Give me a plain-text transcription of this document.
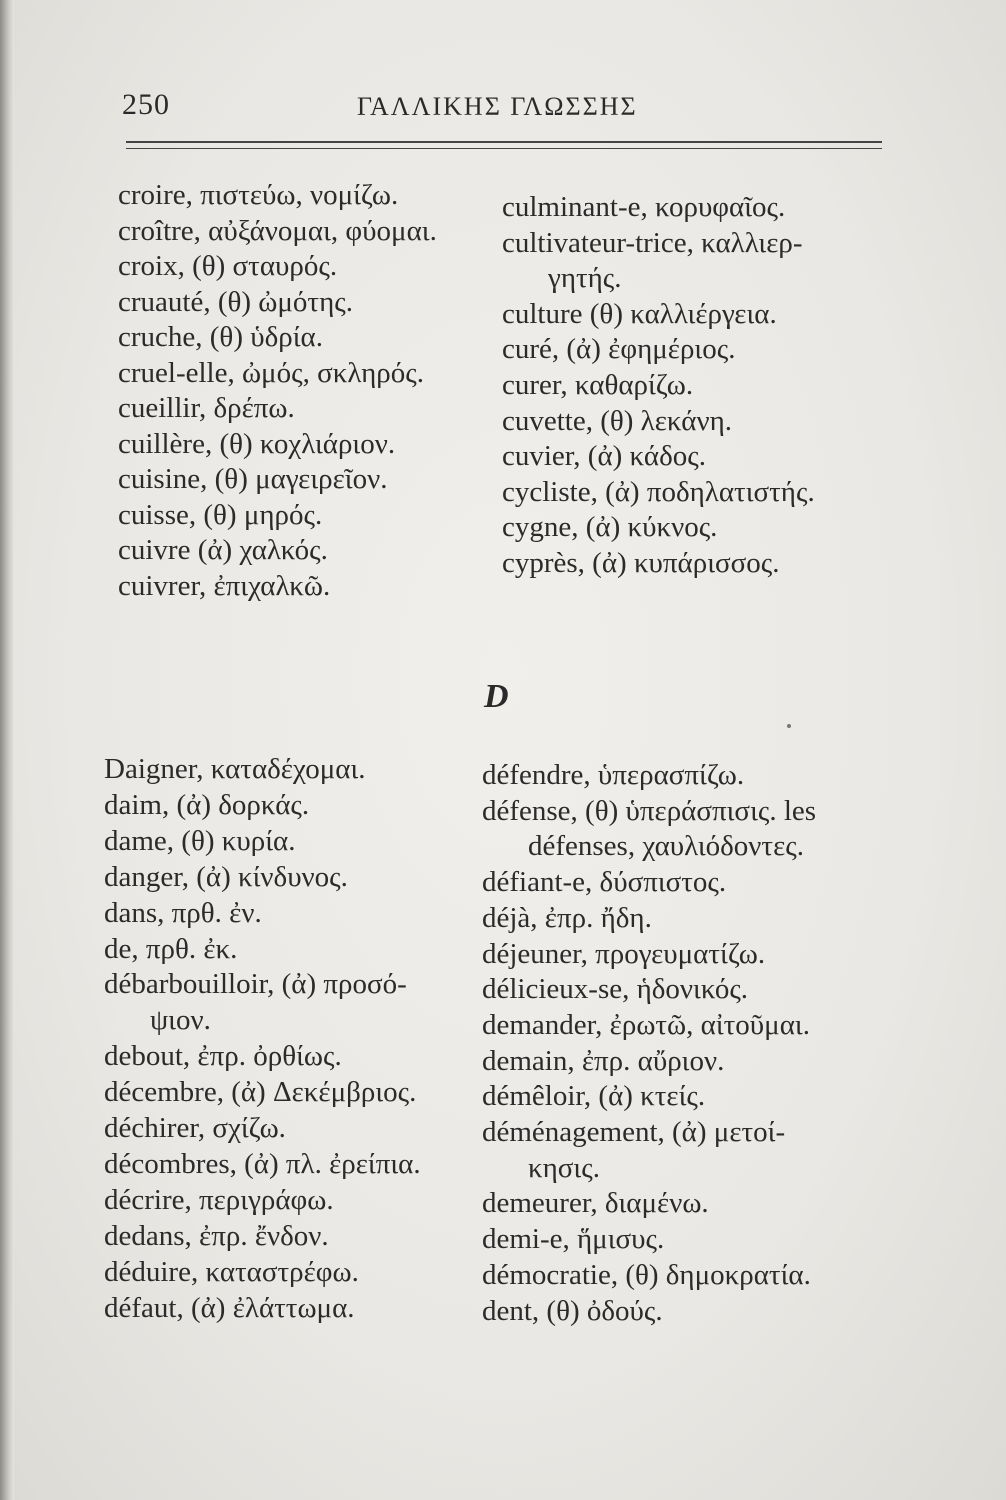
250	ΓΑΛΛΙΚΗΣ ΓΛΩΣΣΗΣ
croire, πιστεύω, νομίζω.
croître, αὐξάνομαι, φύομαι.
croix, (θ) σταυρός.
cruauté, (θ) ὠμότης.
cruche, (θ) ὑδρία.
cruel-elle, ὠμός, σκληρός.
cueillir, δρέπω.
cuillère, (θ) κοχλιάριον.
cuisine, (θ) μαγειρεῖον.
cuisse, (θ) μηρός.
cuivre (ἀ) χαλκός.
cuivrer, ἐπιχαλκῶ.
culminant-e, κορυφαῖος.
cultivateur-trice, καλλιερ-
γητής.
culture (θ) καλλιέργεια.
curé, (ἀ) ἐφημέριος.
curer, καθαρίζω.
cuvette, (θ) λεκάνη.
cuvier, (ἀ) κάδος.
cycliste, (ἀ) ποδηλατιστής.
cygne, (ἀ) κύκνος.
cyprès, (ἀ) κυπάρισσος.
D
Daigner, καταδέχομαι.
daim, (ἀ) δορκάς.
dame, (θ) κυρία.
danger, (ἀ) κίνδυνος.
dans, πρθ. ἐν.
de, πρθ. ἐκ.
débarbouilloir, (ἀ) προσό-
ψιον.
debout, ἐπρ. ὀρθίως.
décembre, (ἀ) Δεκέμβριος.
déchirer, σχίζω.
décombres, (ἀ) πλ. ἐρείπια.
décrire, περιγράφω.
dedans, ἐπρ. ἔνδον.
déduire, καταστρέφω.
défaut, (ἀ) ἐλάττωμα.
défendre, ὑπερασπίζω.
défense, (θ) ὑπεράσπισις. les
défenses, χαυλιόδοντες.
défiant-e, δύσπιστος.
déjà, ἐπρ. ἤδη.
déjeuner, προγευματίζω.
délicieux-se, ἡδονικός.
demander, ἐρωτῶ, αἰτοῦμαι.
demain, ἐπρ. αὔριον.
démêloir, (ἀ) κτείς.
déménagement, (ἀ) μετοί-
κησις.
demeurer, διαμένω.
demi-e, ἥμισυς.
démocratie, (θ) δημοκρατία.
dent, (θ) ὀδούς.
